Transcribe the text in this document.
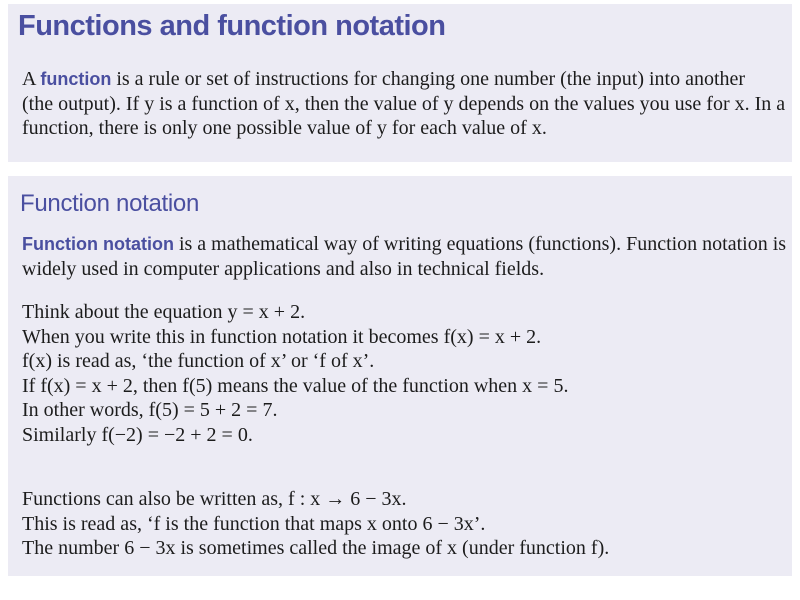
Functions and function notation

A function is a rule or set of instructions for changing one number (the input) into another
(the output). If y is a function of x, then the value of y depends on the values you use for x. In a
function, there is only one possible value of y for each value of x.

Function notation

Function notation is a mathematical way of writing equations (functions). Function notation is
widely used in computer applications and also in technical fields.

Think about the equation y = x + 2.
When you write this in function notation it becomes f(x) = x + 2.
f(x) is read as, ‘the function of x’ or ‘f of x’.
If f(x) = x + 2, then f(5) means the value of the function when x = 5.
In other words, f(5) = 5 + 2 = 7.
Similarly f(−2) = −2 + 2 = 0.

Functions can also be written as, f : x → 6 − 3x.
This is read as, ‘f is the function that maps x onto 6 − 3x’.
The number 6 − 3x is sometimes called the image of x (under function f).
